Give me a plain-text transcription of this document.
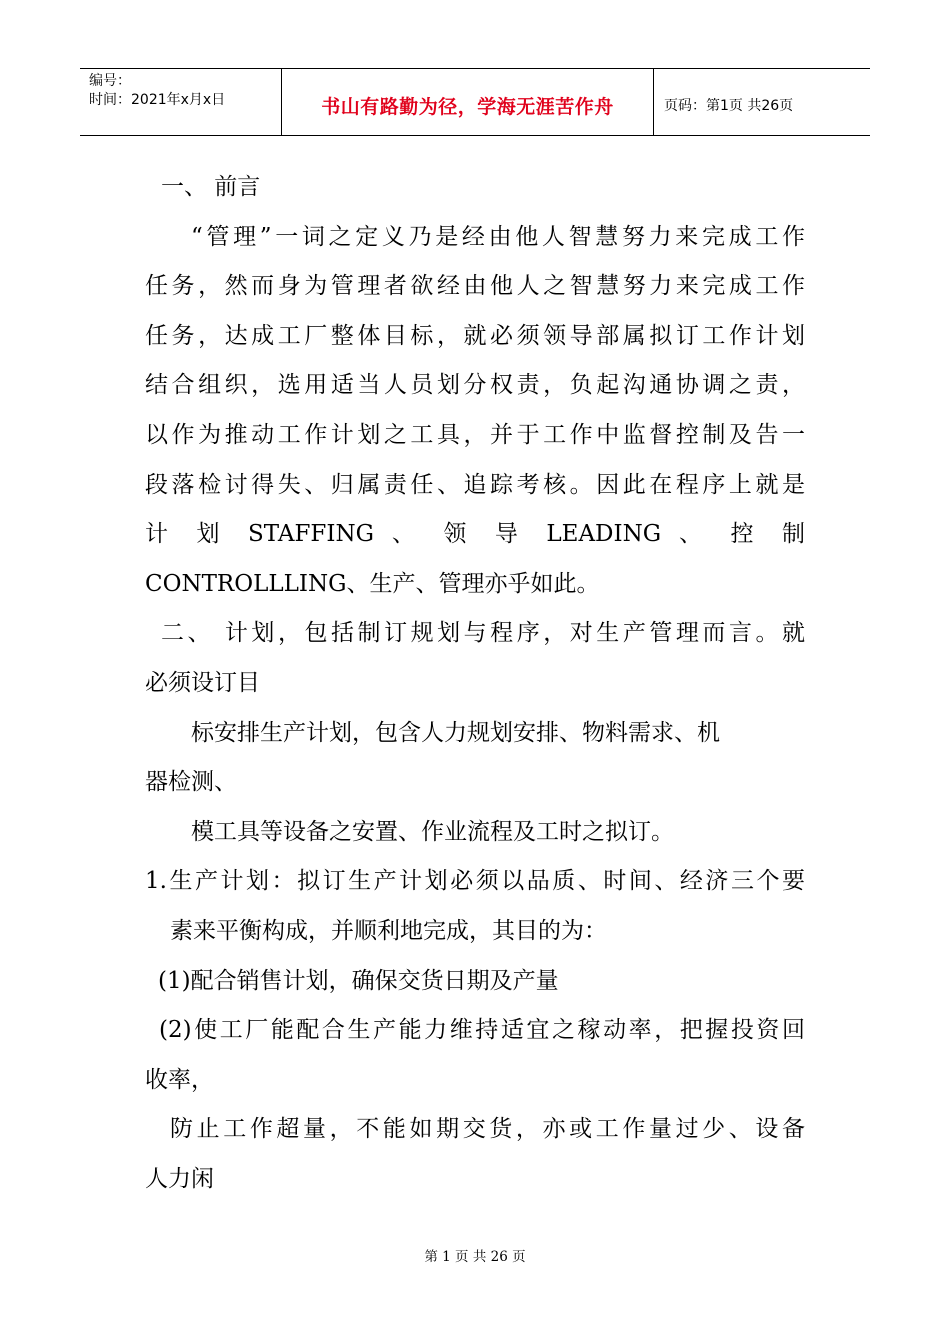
编号：
时间：2021年x月x日	书山有路勤为径，学海无涯苦作舟	页码：第1页 共26页

一、 前言

“管理”一词之定义乃是经由他人智慧努力来完成工作

任务，然而身为管理者欲经由他人之智慧努力来完成工作

任务，达成工厂整体目标，就必须领导部属拟订工作计划

结合组织，选用适当人员划分权责，负起沟通协调之责，

以作为推动工作计划之工具，并于工作中监督控制及告一

段落检讨得失、归属责任、追踪考核。因此在程序上就是

计 划 STAFFING 、 领 导 LEADING 、 控 制

CONTROLLLING、生产、管理亦乎如此。

二、 计划，包括制订规划与程序，对生产管理而言。就

必须设订目

标安排生产计划，包含人力规划安排、物料需求、机

器检测、

模工具等设备之安置、作业流程及工时之拟订。

1.生产计划：拟订生产计划必须以品质、时间、经济三个要

素来平衡构成，并顺利地完成，其目的为：

(1)配合销售计划，确保交货日期及产量

(2)使工厂能配合生产能力维持适宜之稼动率，把握投资回

收率，

防止工作超量，不能如期交货，亦或工作量过少、设备

人力闲

第 1 页 共 26 页
